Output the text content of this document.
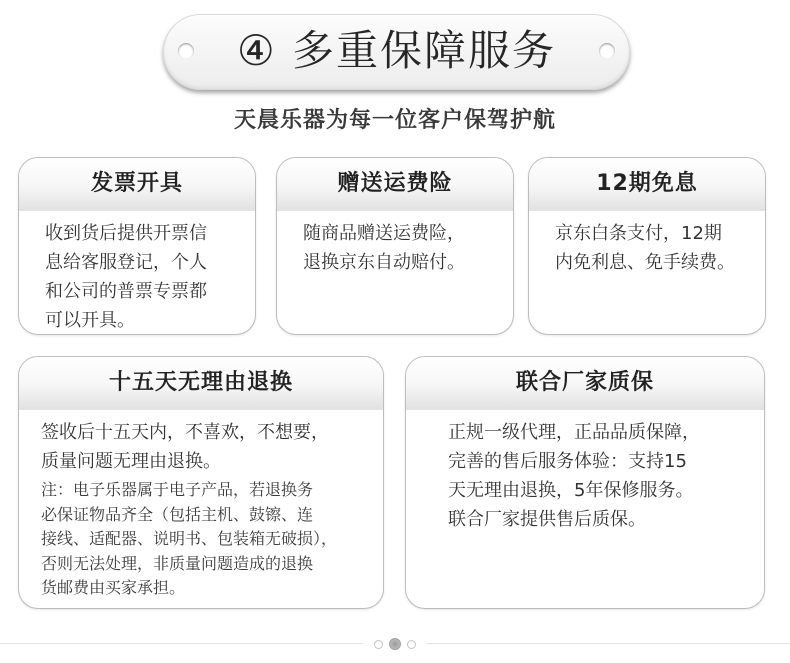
④ 多重保障服务
天晨乐器为每一位客户保驾护航
发票开具

收到货后提供开票信

息给客服登记，个人

和公司的普票专票都

可以开具。

赠送运费险

随商品赠送运费险，

退换京东自动赔付。

12期免息

京东白条支付，12期

内免利息、免手续费。

十五天无理由退换

签收后十五天内，不喜欢，不想要，

质量问题无理由退换。

注：电子乐器属于电子产品，若退换务

必保证物品齐全（包括主机、鼓镲、连

接线、适配器、说明书、包装箱无破损），

否则无法处理，非质量问题造成的退换

货邮费由买家承担。

联合厂家质保

正规一级代理，正品品质保障，

完善的售后服务体验：支持15

天无理由退换，5年保修服务。

联合厂家提供售后质保。
